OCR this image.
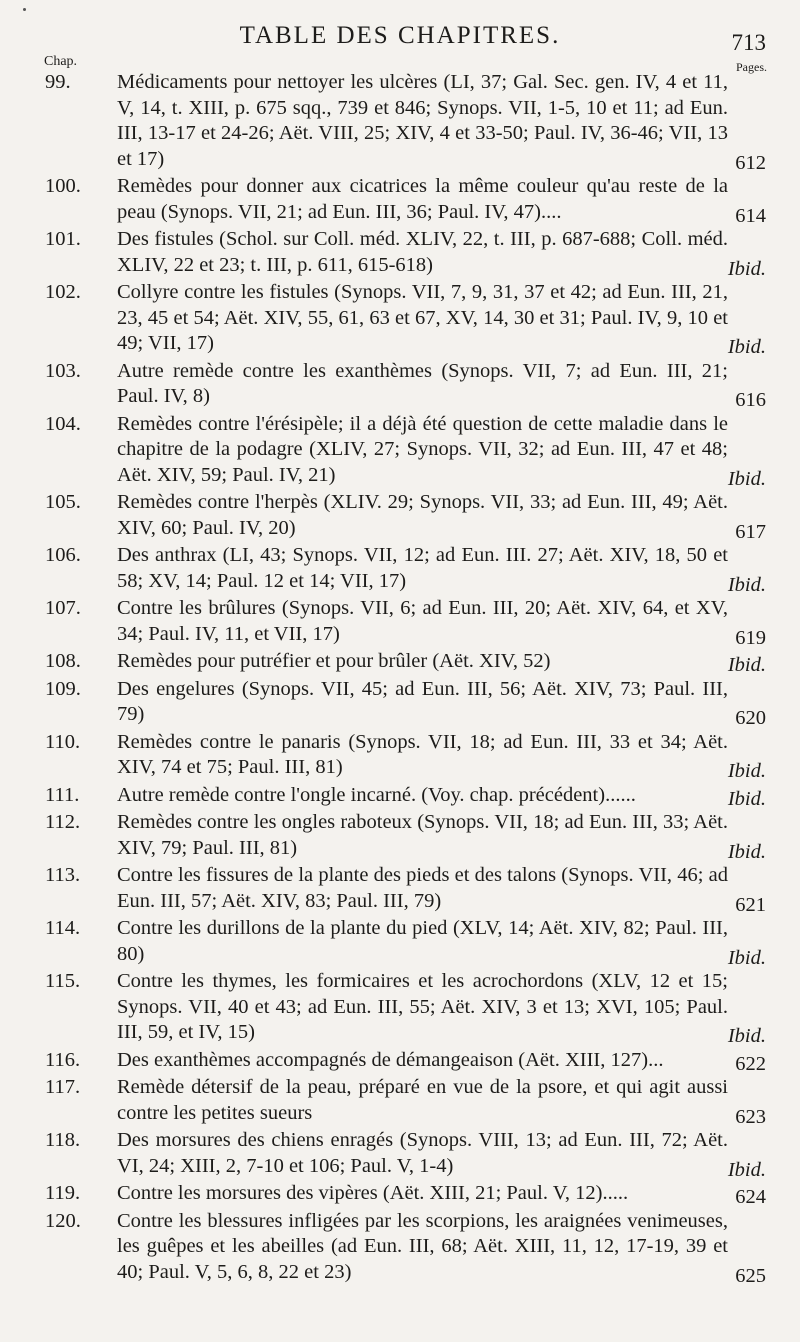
TABLE DES CHAPITRES.	713
Chap.	Pages.
99. Médicaments pour nettoyer les ulcères (LI, 37; Gal. Sec. gen. IV, 4 et 11, V, 14, t. XIII, p. 675 sqq., 739 et 846; Synops. VII, 1-5, 10 et 11; ad Eun. III, 13-17 et 24-26; Aët. VIII, 25; XIV, 4 et 33-50; Paul. IV, 36-46; VII, 13 et 17)	612
100. Remèdes pour donner aux cicatrices la même couleur qu'au reste de la peau (Synops. VII, 21; ad Eun. III, 36; Paul. IV, 47)....	614
101. Des fistules (Schol. sur Coll. méd. XLIV, 22, t. III, p. 687-688; Coll. méd. XLIV, 22 et 23; t. III, p. 611, 615-618)	Ibid.
102. Collyre contre les fistules (Synops. VII, 7, 9, 31, 37 et 42; ad Eun. III, 21, 23, 45 et 54; Aët. XIV, 55, 61, 63 et 67, XV, 14, 30 et 31; Paul. IV, 9, 10 et 49; VII, 17)	Ibid.
103. Autre remède contre les exanthèmes (Synops. VII, 7; ad Eun. III, 21; Paul. IV, 8)	616
104. Remèdes contre l'érésipèle; il a déjà été question de cette maladie dans le chapitre de la podagre (XLIV, 27; Synops. VII, 32; ad Eun. III, 47 et 48; Aët. XIV, 59; Paul. IV, 21)	Ibid.
105. Remèdes contre l'herpès (XLIV. 29; Synops. VII, 33; ad Eun. III, 49; Aët. XIV, 60; Paul. IV, 20)	617
106. Des anthrax (LI, 43; Synops. VII, 12; ad Eun. III. 27; Aët. XIV, 18, 50 et 58; XV, 14; Paul. 12 et 14; VII, 17)	Ibid.
107. Contre les brûlures (Synops. VII, 6; ad Eun. III, 20; Aët. XIV, 64, et XV, 34; Paul. IV, 11, et VII, 17)	619
108. Remèdes pour putréfier et pour brûler (Aët. XIV, 52)	Ibid.
109. Des engelures (Synops. VII, 45; ad Eun. III, 56; Aët. XIV, 73; Paul. III, 79)	620
110. Remèdes contre le panaris (Synops. VII, 18; ad Eun. III, 33 et 34; Aët. XIV, 74 et 75; Paul. III, 81)	Ibid.
111. Autre remède contre l'ongle incarné. (Voy. chap. précédent)......	Ibid.
112. Remèdes contre les ongles raboteux (Synops. VII, 18; ad Eun. III, 33; Aët. XIV, 79; Paul. III, 81)	Ibid.
113. Contre les fissures de la plante des pieds et des talons (Synops. VII, 46; ad Eun. III, 57; Aët. XIV, 83; Paul. III, 79)	621
114. Contre les durillons de la plante du pied (XLV, 14; Aët. XIV, 82; Paul. III, 80)	Ibid.
115. Contre les thymes, les formicaires et les acrochordons (XLV, 12 et 15; Synops. VII, 40 et 43; ad Eun. III, 55; Aët. XIV, 3 et 13; XVI, 105; Paul. III, 59, et IV, 15)	Ibid.
116. Des exanthèmes accompagnés de démangeaison (Aët. XIII, 127)...	622
117. Remède détersif de la peau, préparé en vue de la psore, et qui agit aussi contre les petites sueurs	623
118. Des morsures des chiens enragés (Synops. VIII, 13; ad Eun. III, 72; Aët. VI, 24; XIII, 2, 7-10 et 106; Paul. V, 1-4)	Ibid.
119. Contre les morsures des vipères (Aët. XIII, 21; Paul. V, 12).....	624
120. Contre les blessures infligées par les scorpions, les araignées venimeuses, les guêpes et les abeilles (ad Eun. III, 68; Aët. XIII, 11, 12, 17-19, 39 et 40; Paul. V, 5, 6, 8, 22 et 23)	625
